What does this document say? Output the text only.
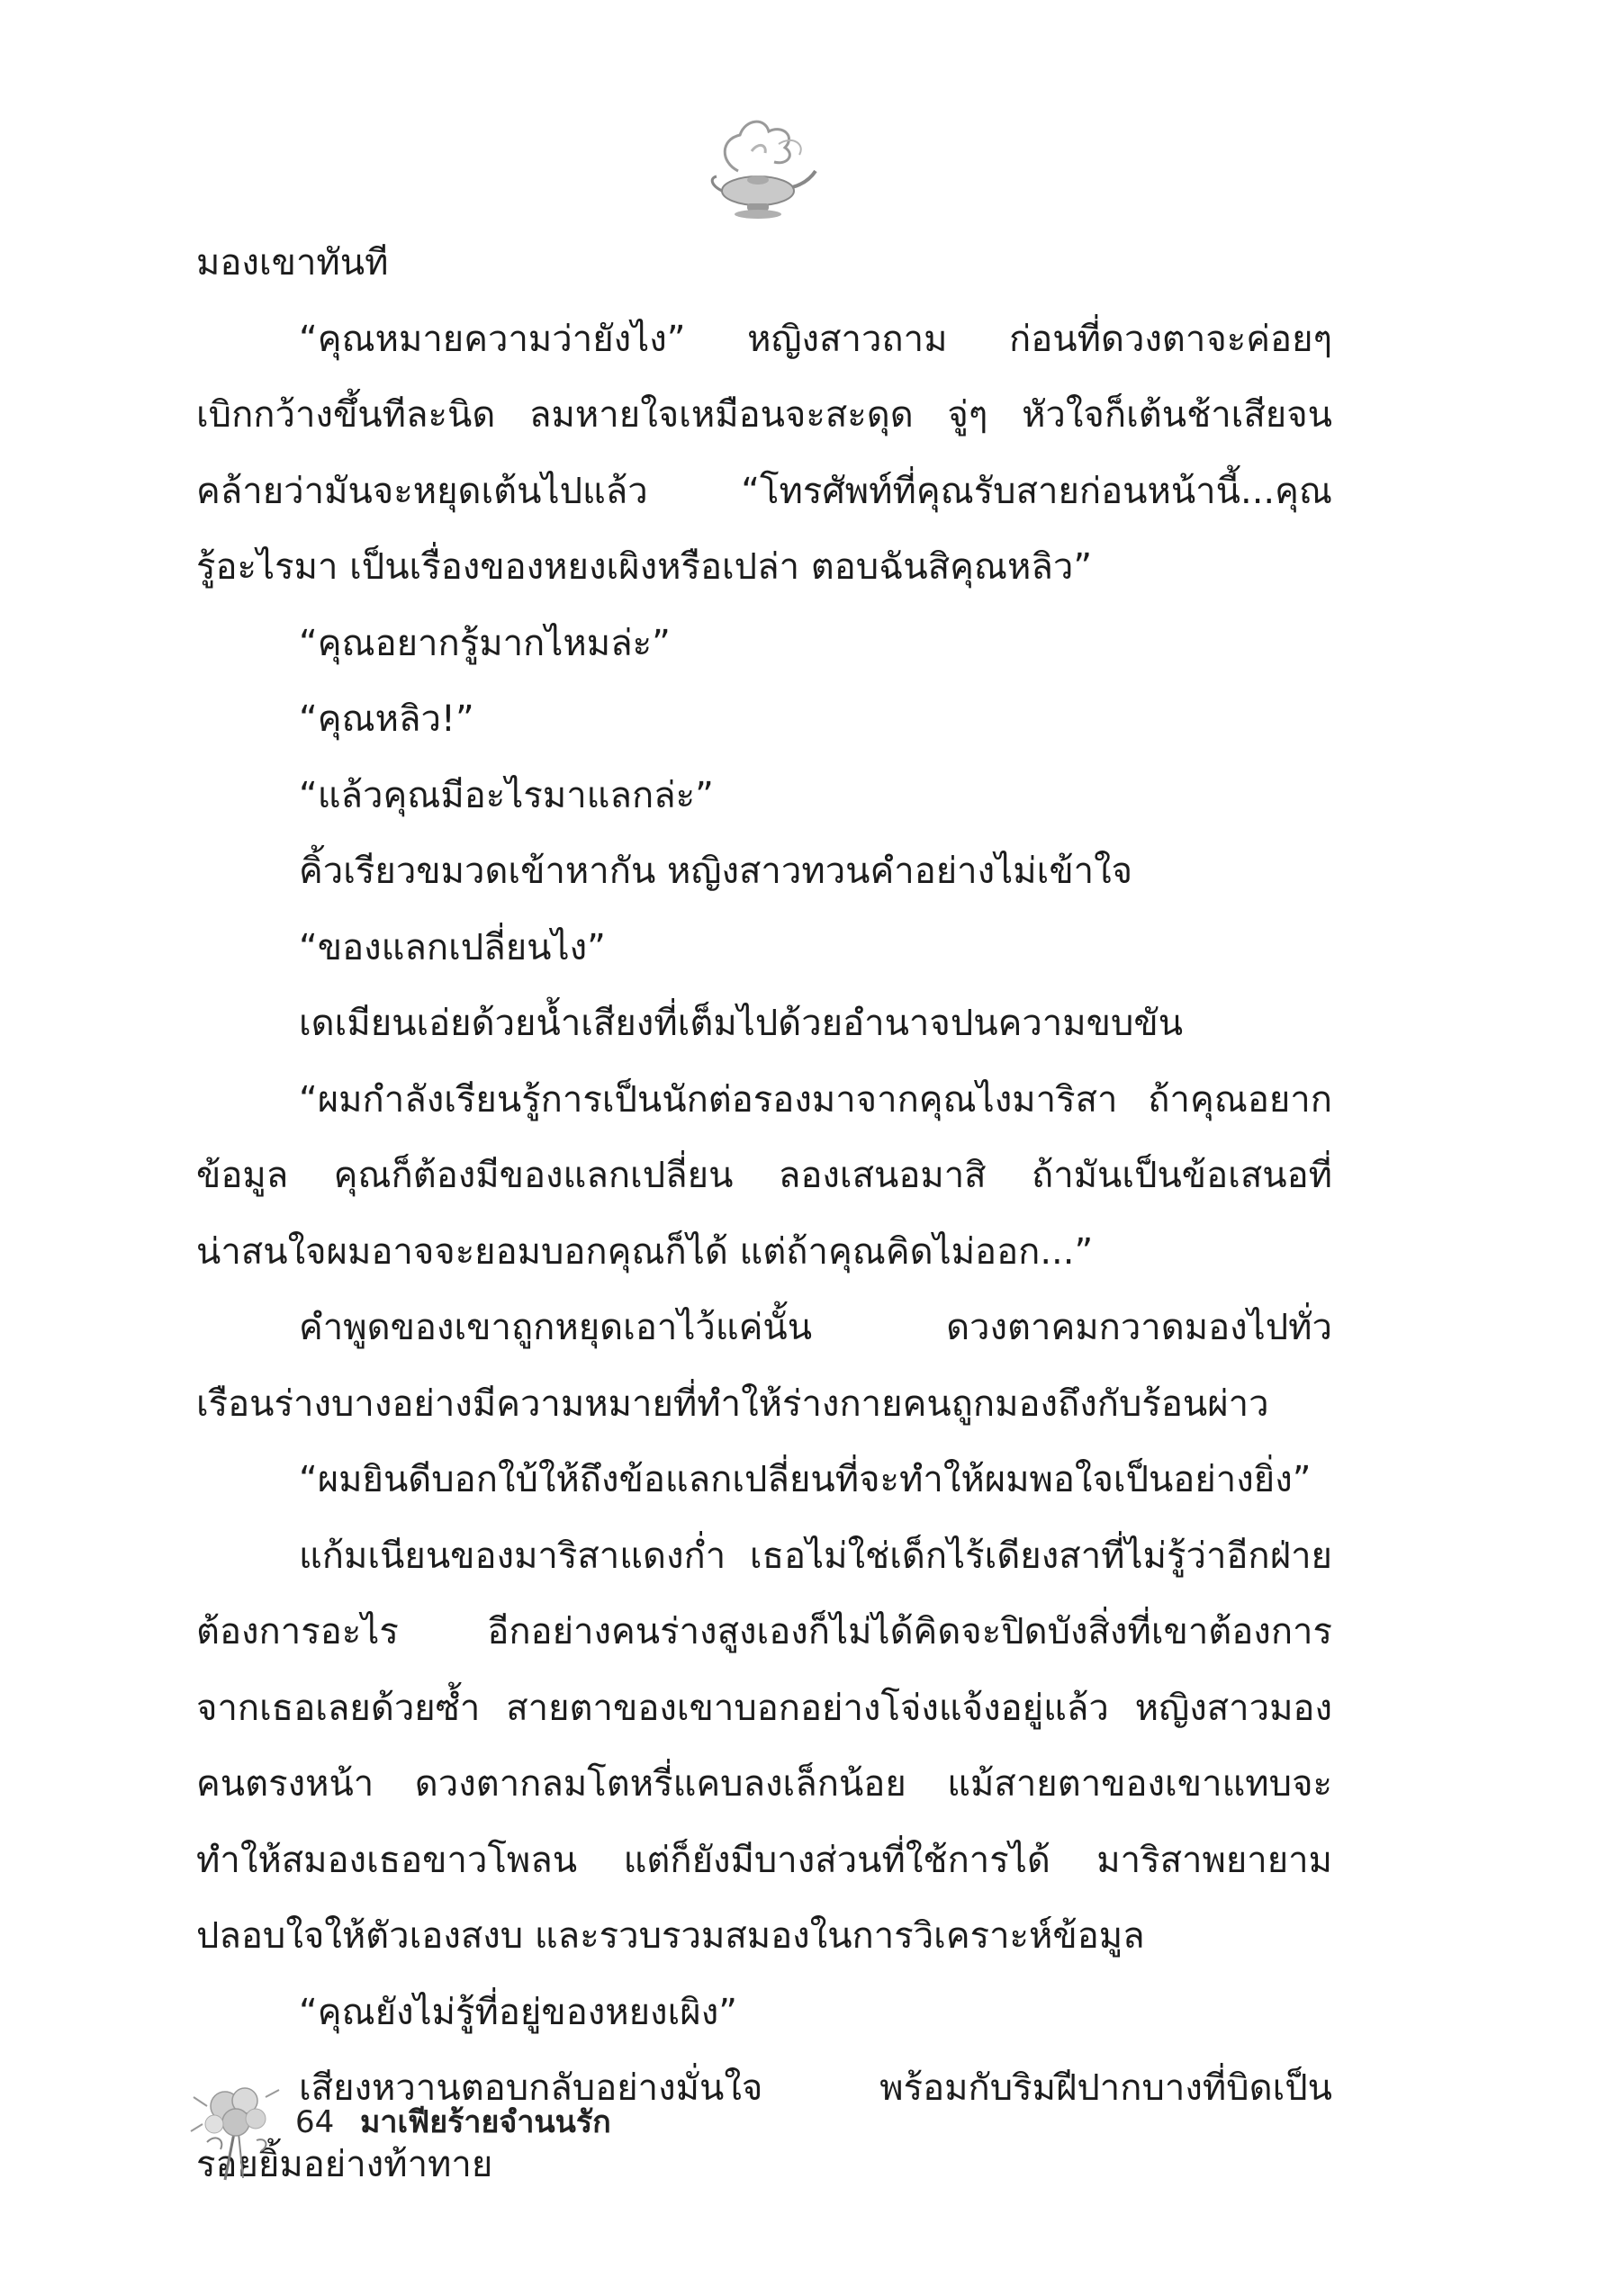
มองเขาทันที
“คุณหมายความว่ายังไง” หญิงสาวถาม ก่อนที่ดวงตาจะค่อยๆ
เบิกกว้างขึ้นทีละนิด ลมหายใจเหมือนจะสะดุด จู่ๆ หัวใจก็เต้นช้าเสียจน
คล้ายว่ามันจะหยุดเต้นไปแล้ว “โทรศัพท์ที่คุณรับสายก่อนหน้านี้...คุณ
รู้อะไรมา เป็นเรื่องของหยงเผิงหรือเปล่า ตอบฉันสิคุณหลิว”
“คุณอยากรู้มากไหมล่ะ”
“คุณหลิว!”
“แล้วคุณมีอะไรมาแลกล่ะ”
คิ้วเรียวขมวดเข้าหากัน หญิงสาวทวนคำอย่างไม่เข้าใจ
“ของแลกเปลี่ยนไง”
เดเมียนเอ่ยด้วยน้ำเสียงที่เต็มไปด้วยอำนาจปนความขบขัน
“ผมกำลังเรียนรู้การเป็นนักต่อรองมาจากคุณไงมาริสา ถ้าคุณอยาก
ข้อมูล คุณก็ต้องมีของแลกเปลี่ยน ลองเสนอมาสิ ถ้ามันเป็นข้อเสนอที่
น่าสนใจผมอาจจะยอมบอกคุณก็ได้ แต่ถ้าคุณคิดไม่ออก...”
คำพูดของเขาถูกหยุดเอาไว้แค่นั้น ดวงตาคมกวาดมองไปทั่ว
เรือนร่างบางอย่างมีความหมายที่ทำให้ร่างกายคนถูกมองถึงกับร้อนผ่าว
“ผมยินดีบอกใบ้ให้ถึงข้อแลกเปลี่ยนที่จะทำให้ผมพอใจเป็นอย่างยิ่ง”
แก้มเนียนของมาริสาแดงก่ำ เธอไม่ใช่เด็กไร้เดียงสาที่ไม่รู้ว่าอีกฝ่าย
ต้องการอะไร อีกอย่างคนร่างสูงเองก็ไม่ได้คิดจะปิดบังสิ่งที่เขาต้องการ
จากเธอเลยด้วยซ้ำ สายตาของเขาบอกอย่างโจ่งแจ้งอยู่แล้ว หญิงสาวมอง
คนตรงหน้า ดวงตากลมโตหรี่แคบลงเล็กน้อย แม้สายตาของเขาแทบจะ
ทำให้สมองเธอขาวโพลน แต่ก็ยังมีบางส่วนที่ใช้การได้ มาริสาพยายาม
ปลอบใจให้ตัวเองสงบ และรวบรวมสมองในการวิเคราะห์ข้อมูล
“คุณยังไม่รู้ที่อยู่ของหยงเผิง”
เสียงหวานตอบกลับอย่างมั่นใจ พร้อมกับริมฝีปากบางที่บิดเป็น
รอยยิ้มอย่างท้าทาย
64 มาเฟียร้ายจำนนรัก
